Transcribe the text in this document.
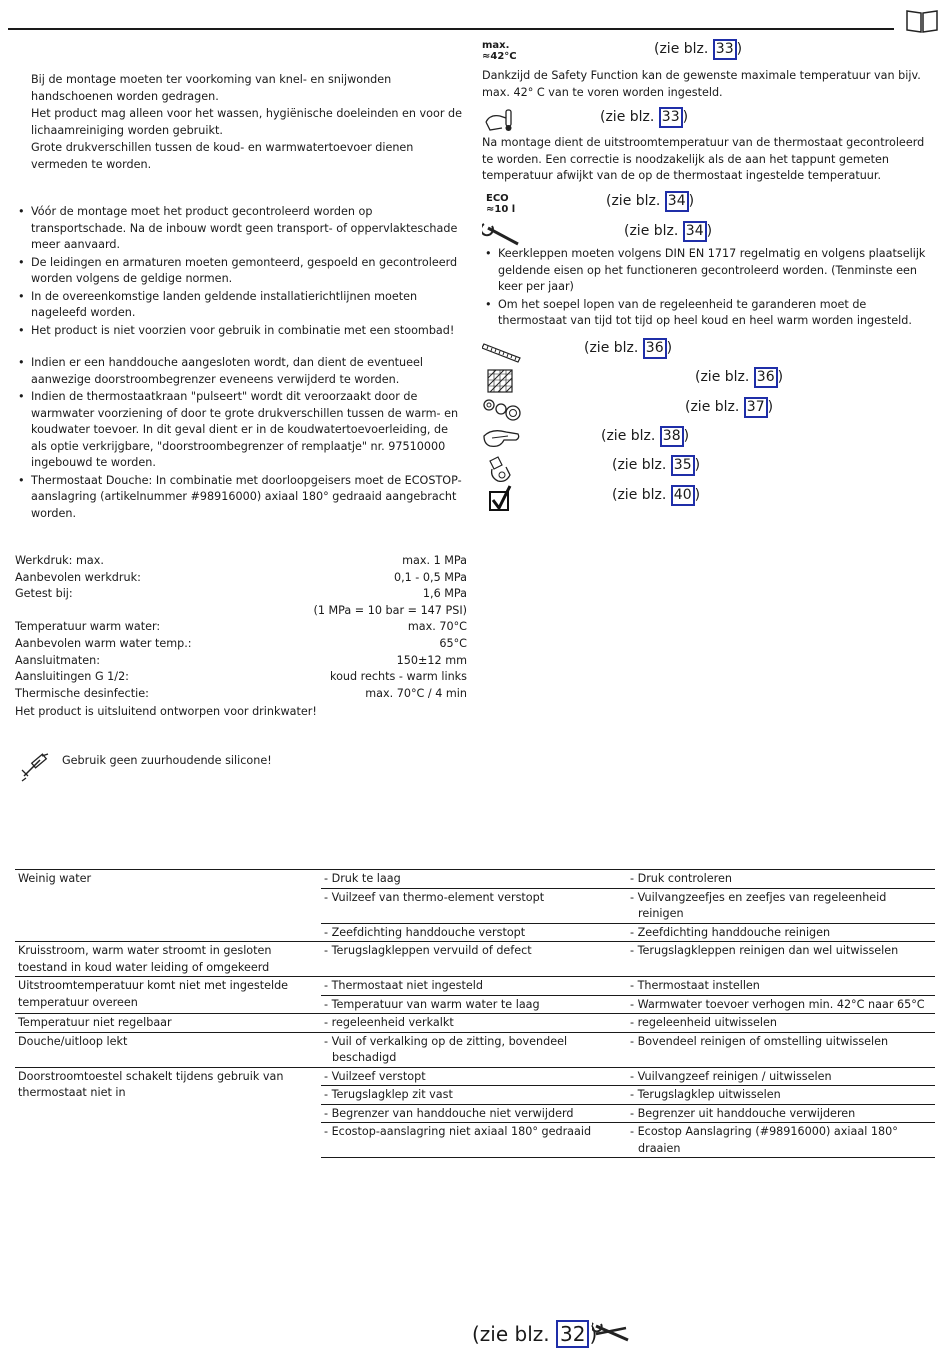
Bij de montage moeten ter voorkoming van knel- en snijwonden handschoenen worden gedragen.

Het product mag alleen voor het wassen, hygiënische doeleinden en voor de lichaamreiniging worden gebruikt.

Grote drukverschillen tussen de koud- en warmwatertoevoer dienen vermeden te worden.

• Vóór de montage moet het product gecontroleerd worden op transportschade. Na de inbouw wordt geen transport- of oppervlakteschade meer aanvaard.
• De leidingen en armaturen moeten gemonteerd, gespoeld en gecontroleerd worden volgens de geldige normen.
• In de overeenkomstige landen geldende installatierichtlijnen moeten nageleefd worden.
• Het product is niet voorzien voor gebruik in combinatie met een stoombad!
• Indien er een handdouche aangesloten wordt, dan dient de eventueel aanwezige doorstroombegrenzer eveneens verwijderd te worden.
• Indien de thermostaatkraan "pulseert" wordt dit veroorzaakt door de warmwater voorziening of door te grote drukverschillen tussen de warm- en koudwater toevoer. In dit geval dient er in de koudwatertoevoerleiding, de als optie verkrijgbare, "doorstroombegrenzer of remplaatje" nr. 97510000 ingebouwd te worden.
• Thermostaat Douche: In combinatie met doorloopgeisers moet de ECOSTOP-aanslagring (artikelnummer #98916000) axiaal 180° gedraaid aangebracht worden.
Werkdruk: max.	max. 1 MPa
Aanbevolen werkdruk:	0,1 - 0,5 MPa
Getest bij:	1,6 MPa
(1 MPa = 10 bar = 147 PSI)
Temperatuur warm water:	max. 70°C
Aanbevolen warm water temp.:	65°C
Aansluitmaten:	150±12 mm
Aansluitingen G 1/2:	koud rechts - warm links
Thermische desinfectie:	max. 70°C / 4 min
Het product is uitsluitend ontworpen voor drinkwater!
Gebruik geen zuurhoudende silicone!
max.
≈42°C	(zie blz. 33 )
Dankzijd de Safety Function kan de gewenste maximale temperatuur van bijv. max. 42° C van te voren worden ingesteld.
(zie blz. 33 )
Na montage dient de uitstroomtemperatuur van de thermostaat gecontroleerd te worden. Een correctie is noodzakelijk als de aan het tappunt gemeten temperatuur afwijkt van de op de thermostaat ingestelde temperatuur.
ECO
≈10 l
(zie blz. 34 )
(zie blz. 34 )
• Keerkleppen moeten volgens DIN EN 1717 regelmatig en volgens plaatselijk geldende eisen op het functioneren gecontroleerd worden. (Tenminste een keer per jaar)
• Om het soepel lopen van de regeleenheid te garanderen moet de thermostaat van tijd tot tijd op heel koud en heel warm worden ingesteld.
(zie blz. 36 )
(zie blz. 36 )
(zie blz. 37 )
(zie blz. 38 )
(zie blz. 35 )
(zie blz. 40 )
Weinig water	- Druk te laag	- Druk controleren

	- Vuilzeef van thermo-element verstopt	- Vuilvangzeefjes en zeefjes van regeleenheid reinigen

	- Zeefdichting handdouche verstopt	- Zeefdichting handdouche reinigen

Kruisstroom, warm water stroomt in gesloten toestand in koud water leiding of omgekeerd	- Terugslagkleppen vervuild of defect	- Terugslagkleppen reinigen dan wel uitwisselen

Uitstroomtemperatuur komt niet met ingestelde temperatuur overeen	- Thermostaat niet ingesteld	- Thermostaat instellen

	- Temperatuur van warm water te laag	- Warmwater toevoer verhogen min. 42°C naar 65°C

Temperatuur niet regelbaar	- regeleenheid verkalkt	- regeleenheid uitwisselen

Douche/uitloop lekt	- Vuil of verkalking op de zitting, bovendeel beschadigd	- Bovendeel reinigen of omstelling uitwisselen

Doorstroomtoestel schakelt tijdens gebruik van thermostaat niet in	- Vuilzeef verstopt	- Vuilvangzeef reinigen / uitwisselen

	- Terugslagklep zit vast	- Terugslagklep uitwisselen

	- Begrenzer van handdouche niet verwijderd	- Begrenzer uit handdouche verwijderen

	- Ecostop-aanslagring niet axiaal 180° gedraaid	- Ecostop Aanslagring (#98916000) axiaal 180° draaien
(zie blz. 32 )
